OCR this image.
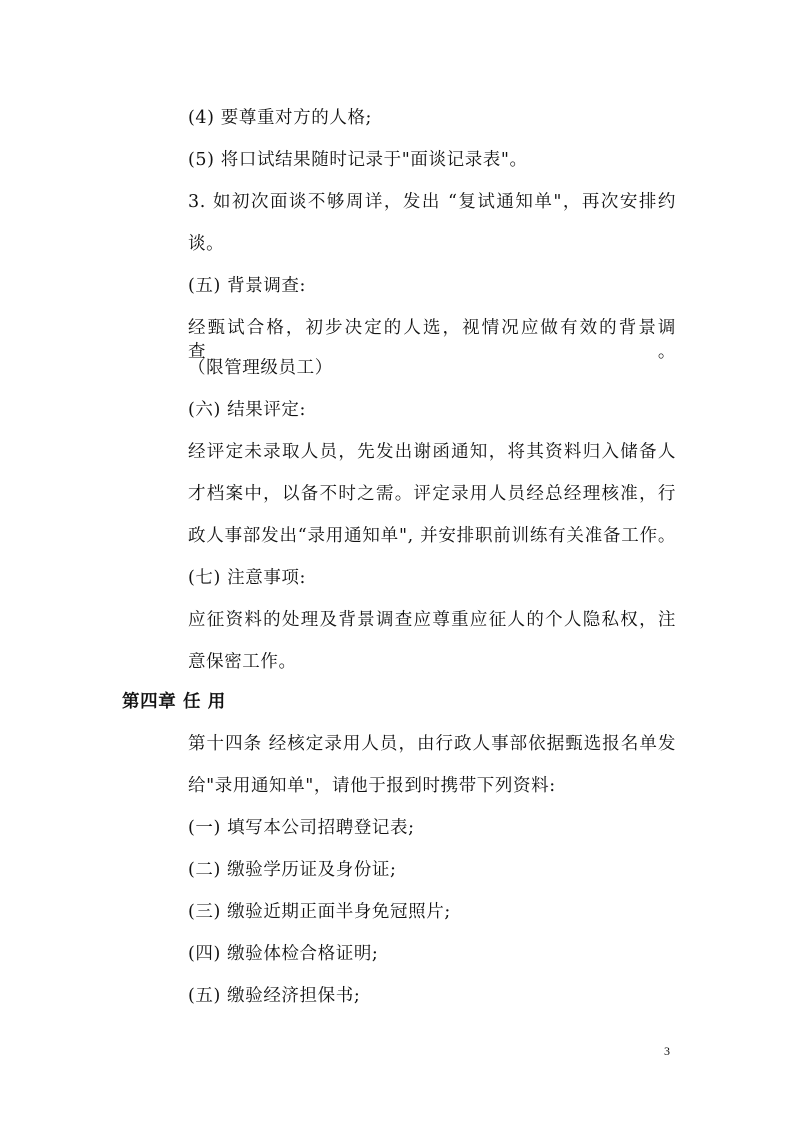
(4) 要尊重对方的人格;
(5) 将口试结果随时记录于"面谈记录表"。
3. 如初次面谈不够周详，发出 “复试通知单"，再次安排约
谈。
(五) 背景调查:
经甄试合格，初步决定的人选，视情况应做有效的背景调查。
（限管理级员工）
(六) 结果评定:
经评定未录取人员，先发出谢函通知，将其资料归入储备人
才档案中，以备不时之需。评定录用人员经总经理核准，行
政人事部发出“录用通知单", 并安排职前训练有关准备工作。
(七) 注意事项:
应征资料的处理及背景调查应尊重应征人的个人隐私权，注
意保密工作。
第四章 任 用
第十四条 经核定录用人员，由行政人事部依据甄选报名单发
给"录用通知单"，请他于报到时携带下列资料:
(一) 填写本公司招聘登记表;
(二) 缴验学历证及身份证;
(三) 缴验近期正面半身免冠照片;
(四) 缴验体检合格证明;
(五) 缴验经济担保书;
3
